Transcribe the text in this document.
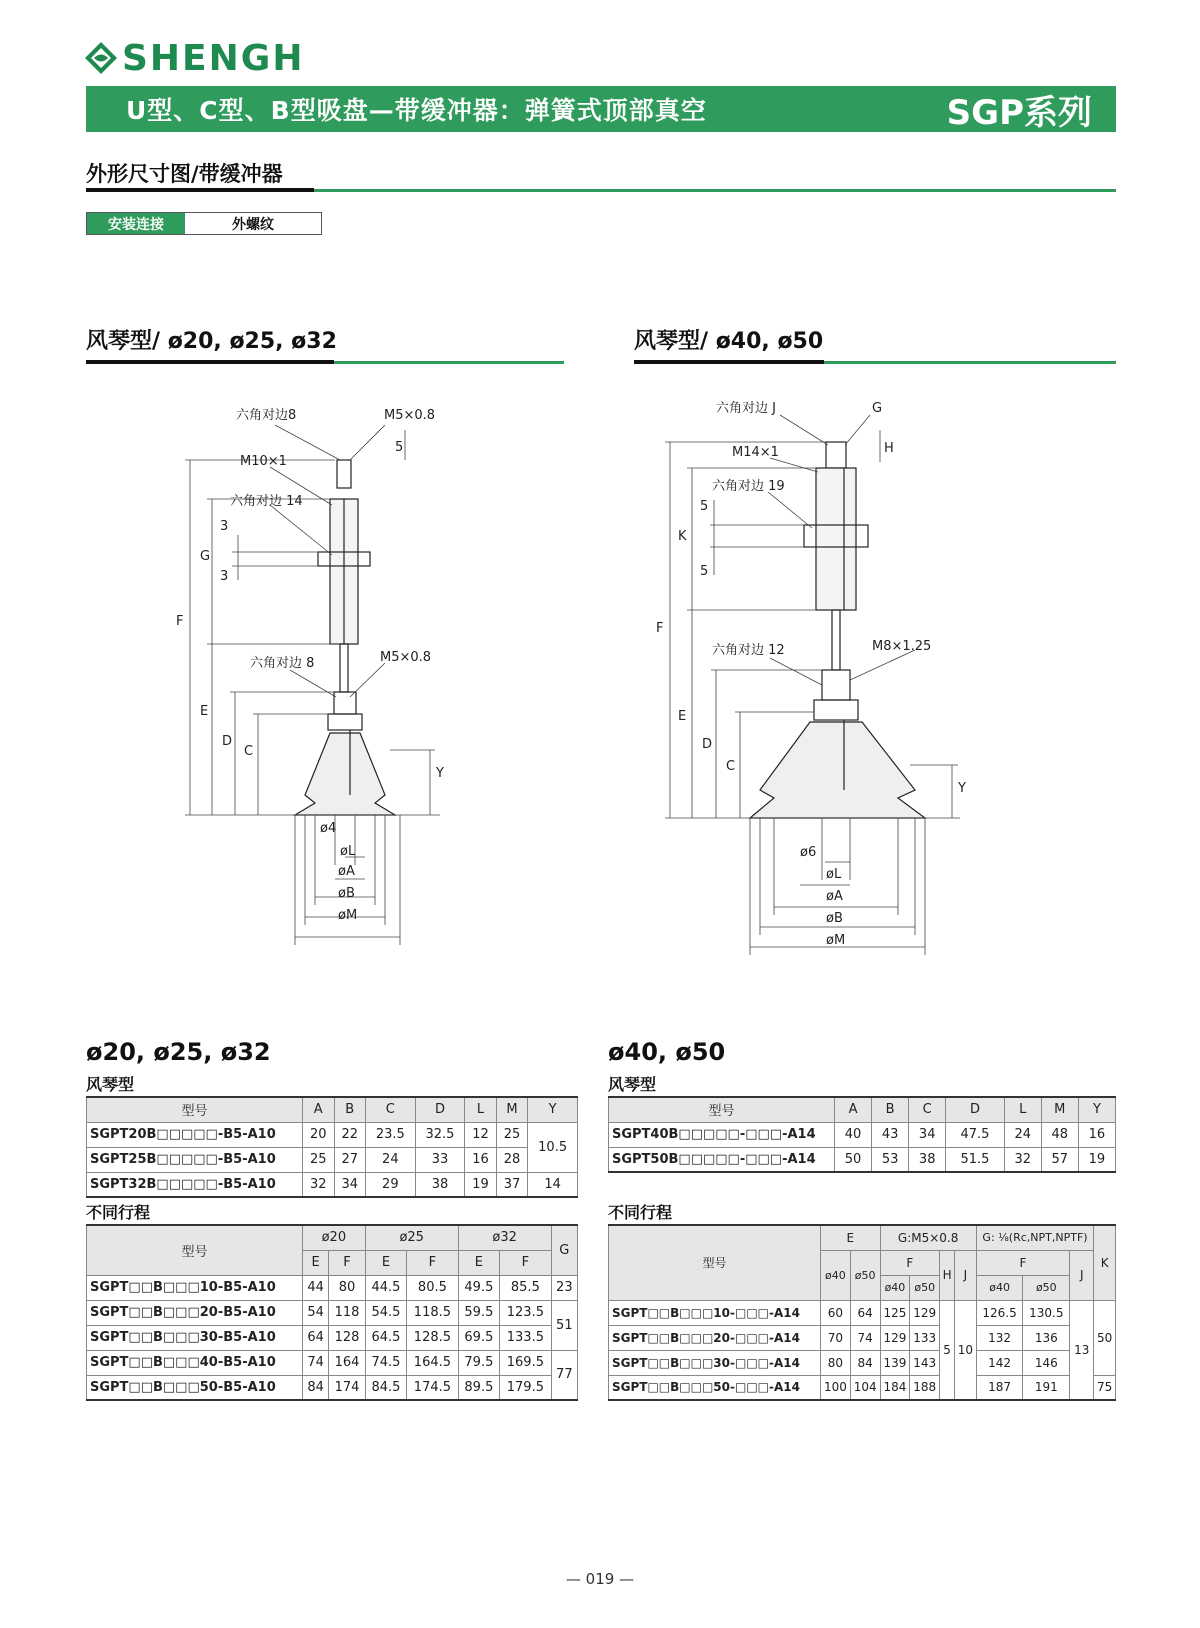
SHENGH
U型、C型、B型吸盘—带缓冲器：弹簧式顶部真空	SGP系列
外形尺寸图/带缓冲器
安装连接	外螺纹
风琴型/ ø20, ø25, ø32	风琴型/ ø40, ø50
六角对边8	M5×0.8
5
M10×1
六角对边 14
3
3
G
F
六角对边 8	M5×0.8
E
D
C
Y
ø4
øL
øA
øB
øM
六角对边 J	G
H
M14×1
六角对边 19
5
5
K
F
六角对边 12	M8×1.25
E
D
C
Y
ø6
øL
øA
øB
øM
ø20, ø25, ø32
风琴型
型号	A	B	C	D	L	M	Y
SGPT20B□□□□□-B5-A10	20	22	23.5	32.5	12	25	10.5
SGPT25B□□□□□-B5-A10	25	27	24	33	16	28	
SGPT32B□□□□□-B5-A10	32	34	29	38	19	37	14
不同行程
型号	ø20		ø25		ø32		G
	E	F	E	F	E	F	
SGPT□□B□□□10-B5-A10	44	80	44.5	80.5	49.5	85.5	23
SGPT□□B□□□20-B5-A10	54	118	54.5	118.5	59.5	123.5	51
SGPT□□B□□□30-B5-A10	64	128	64.5	128.5	69.5	133.5	
SGPT□□B□□□40-B5-A10	74	164	74.5	164.5	79.5	169.5	77
SGPT□□B□□□50-B5-A10	84	174	84.5	174.5	89.5	179.5	
ø40, ø50
风琴型
型号	A	B	C	D	L	M	Y
SGPT40B□□□□□-□□□-A14	40	43	34	47.5	24	48	16
SGPT50B□□□□□-□□□-A14	50	53	38	51.5	32	57	19
不同行程
型号	E		G:M5×0.8				G: ⅛(Rc,NPT,NPTF)			K
	ø40	ø50	F		H	J	F		J	
			ø40	ø50			ø40	ø50		
SGPT□□B□□□10-□□□-A14	60	64	125	129	5	10	126.5	130.5	13	50
SGPT□□B□□□20-□□□-A14	70	74	129	133			132	136		
SGPT□□B□□□30-□□□-A14	80	84	139	143			142	146		
SGPT□□B□□□50-□□□-A14	100	104	184	188			187	191		75
— 019 —
